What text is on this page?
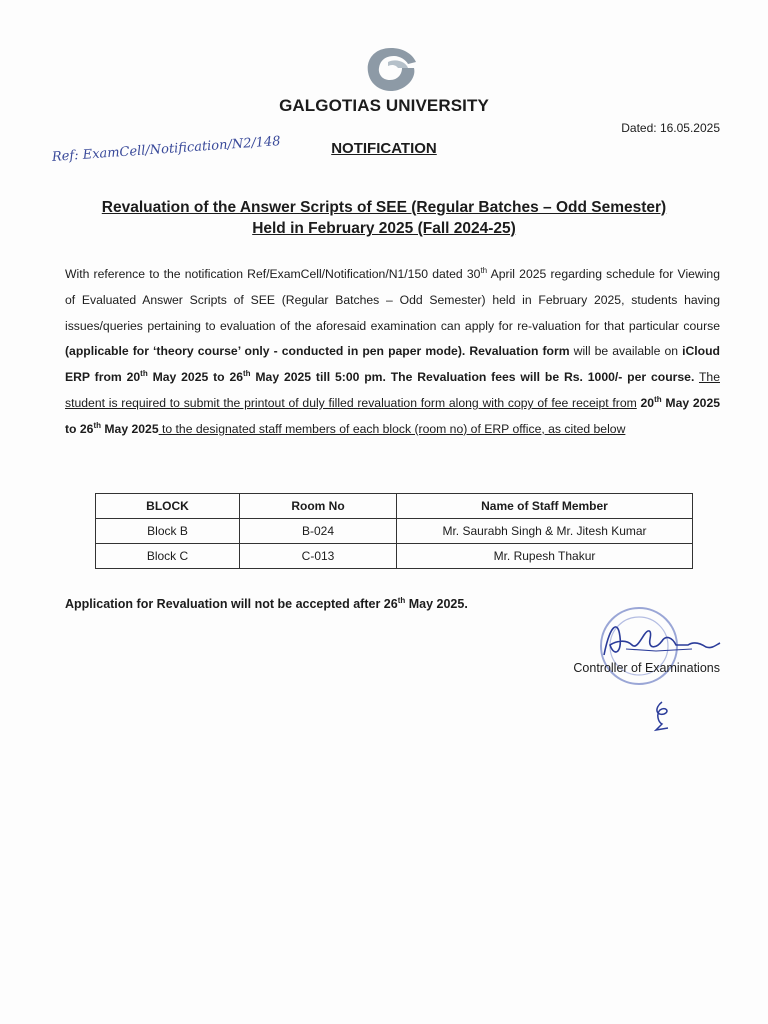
GALGOTIAS UNIVERSITY
Dated: 16.05.2025
NOTIFICATION
Ref: ExamCell/Notification/N2/148
Revaluation of the Answer Scripts of SEE (Regular Batches – Odd Semester)
Held in February 2025 (Fall 2024-25)
With reference to the notification Ref/ExamCell/Notification/N1/150 dated 30th April 2025 regarding schedule for Viewing of Evaluated Answer Scripts of SEE (Regular Batches – Odd Semester) held in February 2025, students having issues/queries pertaining to evaluation of the aforesaid examination can apply for re-valuation for that particular course (applicable for ‘theory course’ only - conducted in pen paper mode). Revaluation form will be available on iCloud ERP from 20th May 2025 to 26th May 2025 till 5:00 pm. The Revaluation fees will be Rs. 1000/- per course. The student is required to submit the printout of duly filled revaluation form along with copy of fee receipt from 20th May 2025 to 26th May 2025 to the designated staff members of each block (room no) of ERP office, as cited below
BLOCK	Room No	Name of Staff Member
Block B	B-024	Mr. Saurabh Singh & Mr. Jitesh Kumar
Block C	C-013	Mr. Rupesh Thakur
Application for Revaluation will not be accepted after 26th May 2025.
Controller of Examinations
